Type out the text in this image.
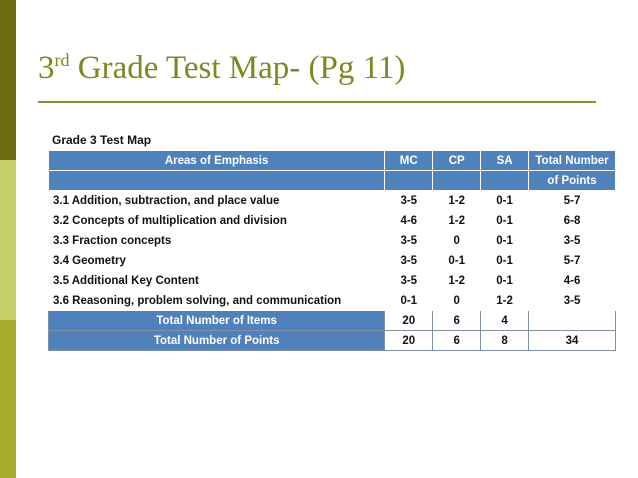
3rd Grade Test Map- (Pg 11)
Grade 3 Test Map
Areas of Emphasis	MC	CP	SA	Total Number
				of Points
3.1 Addition, subtraction, and place value	3-5	1-2	0-1	5-7
3.2 Concepts of multiplication and division	4-6	1-2	0-1	6-8
3.3 Fraction concepts	3-5	0	0-1	3-5
3.4 Geometry	3-5	0-1	0-1	5-7
3.5 Additional Key Content	3-5	1-2	0-1	4-6
3.6 Reasoning, problem solving, and communication	0-1	0	1-2	3-5
Total Number of Items	20	6	4	
Total Number of Points	20	6	8	34
